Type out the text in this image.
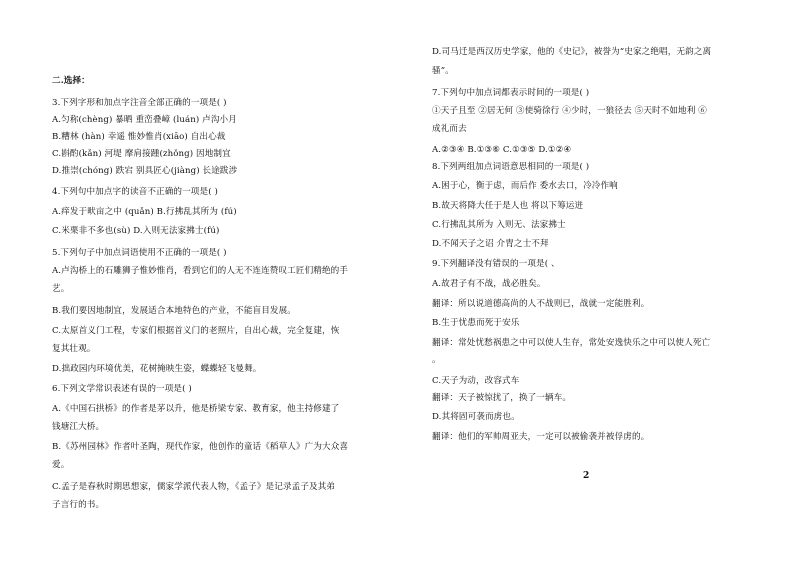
二.选择：
3.下列字形和加点字注音全部正确的一项是( )
A.匀称(chèng) 暴晒 重峦叠嶂 (luán) 卢沟小月
B.糟林 (hàn) 幸遥 惟妙惟肖(xiāo) 自出心裁
C.斟酌(kǎn) 河堤 摩肩接踵(zhǒng) 因地制宜
D.推崇(chóng) 跌宕 别具匠心(jiàng) 长途跋涉
4.下列句中加点字的读音不正确的一项是( )
A.痒发于畎亩之中 (quǎn) B.行拂乱其所为 (fú)
C.米栗非不多也(sù) D.入则无法家拂士(fú)
5.下列句子中加点词语使用不正确的一项是( )
A.卢沟桥上的石雕狮子惟妙惟肖，看到它们的人无不连连赞叹工匠们精绝的手
艺。
B.我们要因地制宜，发展适合本地特色的产业，不能盲目发展。
C.太原首义门工程，专家们根据首义门的老照片，自出心裁，完全复建，恢
复其壮观。
D.拙政园内环境优美，花树掩映生姿，蝶蝶轻飞曼舞。
6.下列文学常识表述有误的一项是( )
A.《中国石拱桥》的作者是茅以升，他是桥梁专家、教育家，他主持修建了
钱塘江大桥。
B.《苏州园林》作者叶圣陶，现代作家，他创作的童话《稻草人》广为大众喜
爱。
C.孟子是春秋时期思想家，儒家学派代表人物，《孟子》是记录孟子及其弟
子言行的书。
D.司马迁是西汉历史学家，他的《史记》，被誉为“史家之绝唱，无韵之离
骚”。
7.下列句中加点词都表示时间的一项是( )
①天子且至 ②居无何 ③使骑徐行 ④少时，一狼径去 ⑤天时不如地利 ⑥
成礼而去
A.②③④ B.①③⑥ C.①③⑤ D.①②④
8.下列两组加点词语意思相同的一项是( )
A.困于心，衡于虑，而后作 委水去口，冷冷作响
B.故天将降大任于是人也 将以下筹运迸
C.行拂乱其所为 入则无、法家拂士
D.不闻天子之诏 介胄之士不拜
9.下列翻译没有错误的一项是( 、
A.故君子有不战，战必胜矣。
翻译：所以说道德高尚的人不战则已，战就一定能胜利。
B.生于忧患而死于安乐
翻译：常处忧愁祸患之中可以使人生存，常处安逸快乐之中可以使人死亡
。
C.天子为动，改容式车
翻译：天子被惊扰了，换了一辆车。
D.其将固可袭而虏也。
翻译：他们的军帅周亚夫，一定可以被偷袭并被俘虏的。
2
